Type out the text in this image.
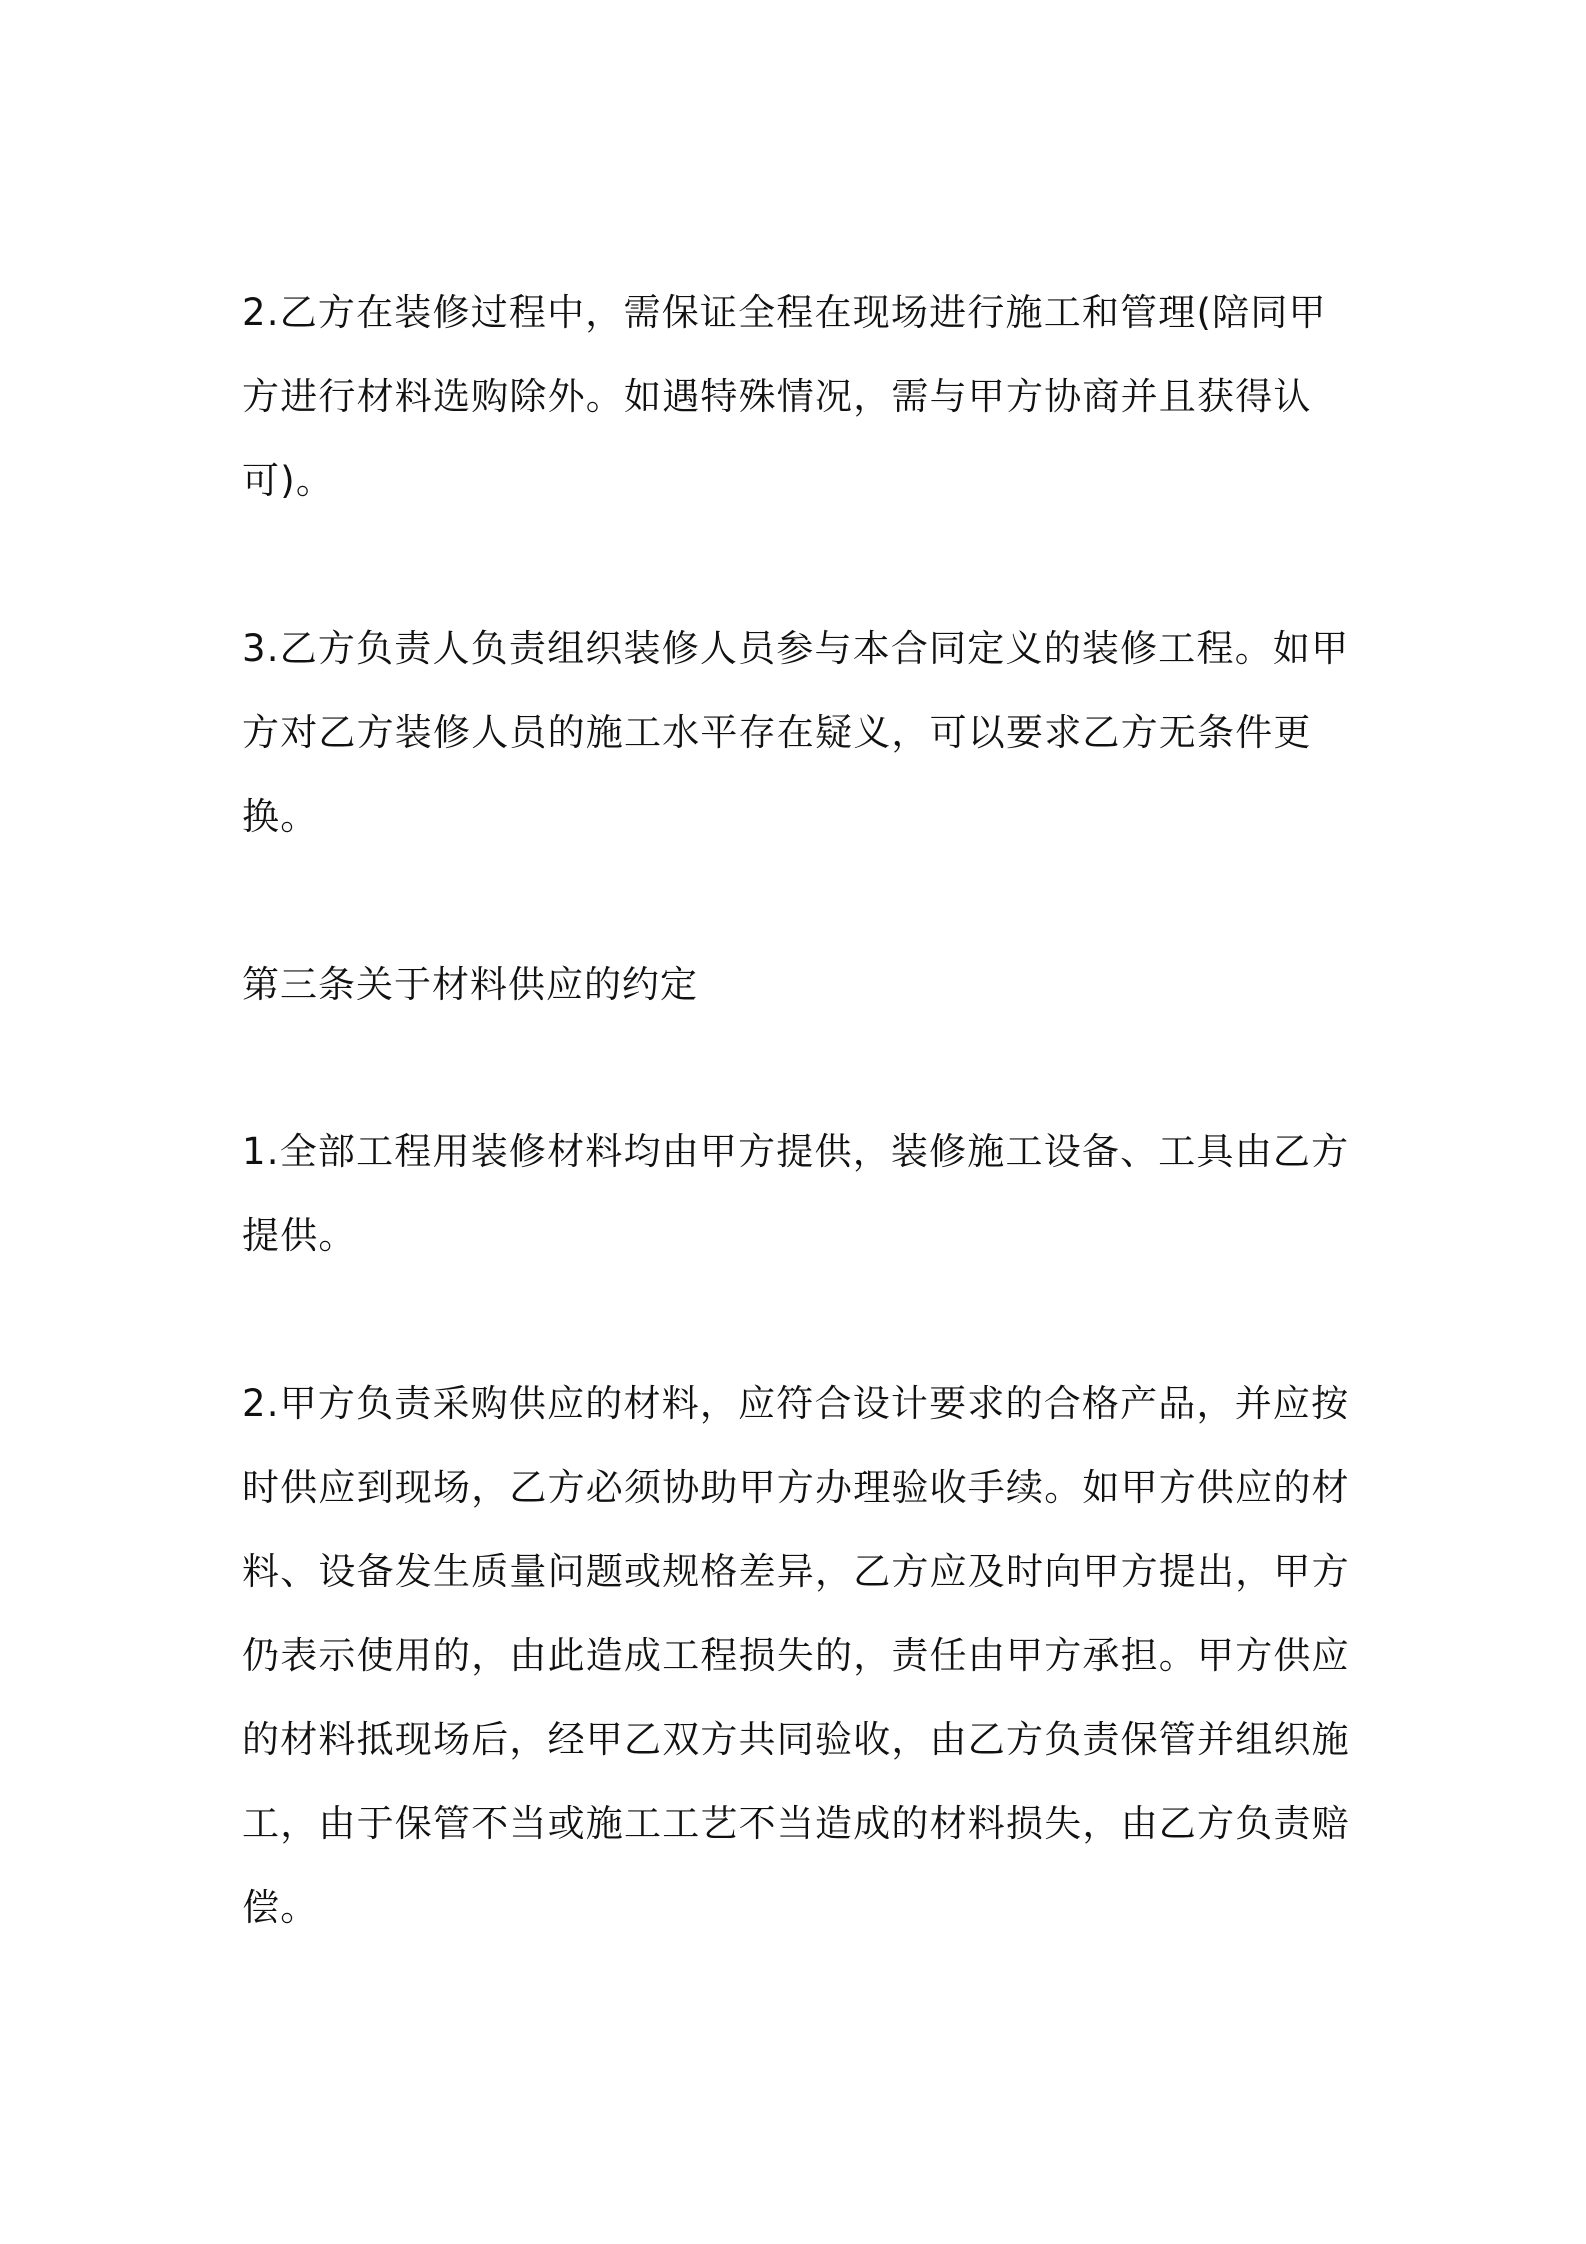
2.乙方在装修过程中，需保证全程在现场进行施工和管理(陪同甲方进行材料选购除外。如遇特殊情况，需与甲方协商并且获得认可)。

3.乙方负责人负责组织装修人员参与本合同定义的装修工程。如甲方对乙方装修人员的施工水平存在疑义，可以要求乙方无条件更换。

第三条关于材料供应的约定

1.全部工程用装修材料均由甲方提供，装修施工设备、工具由乙方提供。

2.甲方负责采购供应的材料，应符合设计要求的合格产品，并应按时供应到现场，乙方必须协助甲方办理验收手续。如甲方供应的材料、设备发生质量问题或规格差异，乙方应及时向甲方提出，甲方仍表示使用的，由此造成工程损失的，责任由甲方承担。甲方供应的材料抵现场后，经甲乙双方共同验收，由乙方负责保管并组织施工，由于保管不当或施工工艺不当造成的材料损失，由乙方负责赔偿。
